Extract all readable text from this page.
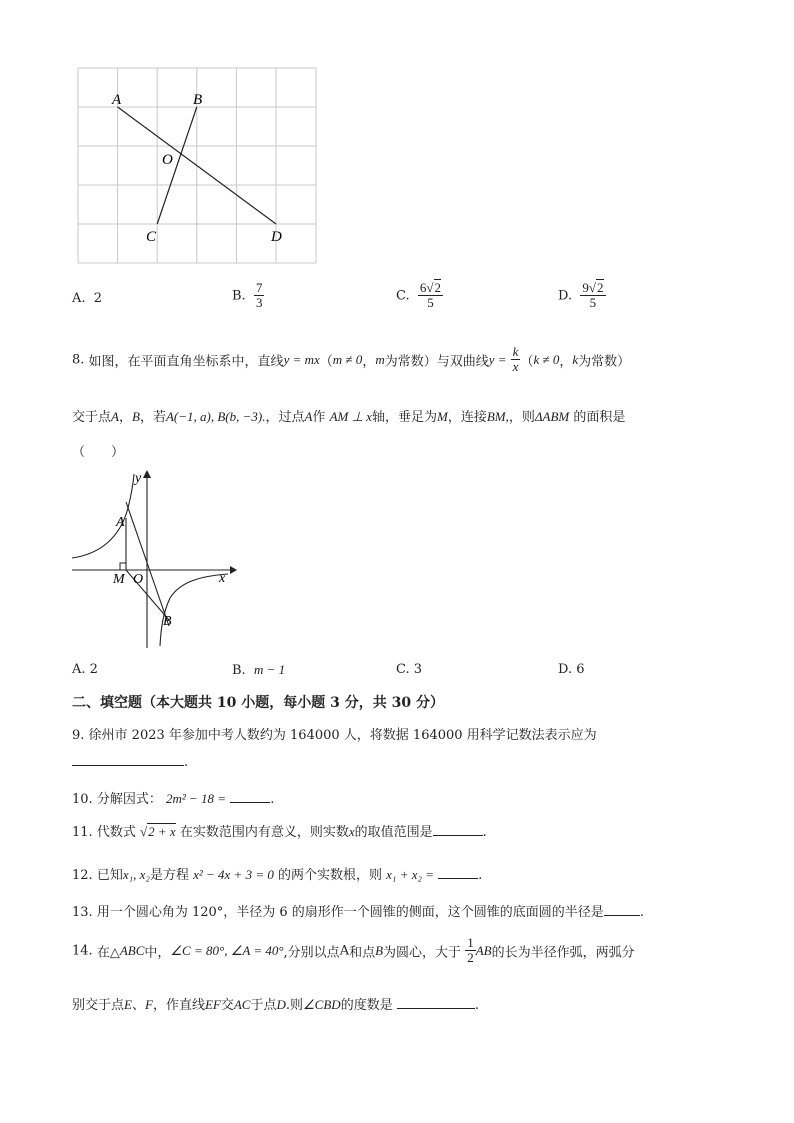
A	B
O
C	D
A. 2	B. $\frac{7}{3}$	C. $\frac{6√2}{5}$	D. $\frac{9√2}{5}$
8. 如图，在平面直角坐标系中，直线y = mx（m ≠ 0，m为常数）与双曲线$y = \frac{k}{x} (k \ne 0$，k为常数）
交于点A，B，若A(−1, a), B(b, −3).，过点A作 AM ⊥ x轴，垂足为M，连接BM,，则ΔABM 的面积是
（　　）
y
x
A
M O
B
A. 2	B. m − 1	C. 3	D. 6
二、填空题（本大题共 10 小题，每小题 3 分，共 30 分）
9. 徐州市 2023 年参加中考人数约为 164000 人，将数据 164000 用科学记数法表示应为
.
10. 分解因式： 2m² − 18 =	.
11. 代数式 √2 + x 在实数范围内有意义，则实数x的取值范围是	.
12. 已知x₁, x₂是方程 x² − 4x + 3 = 0 的两个实数根，则 x₁ + x₂ =	.
13. 用一个圆心角为 120°，半径为 6 的扇形作一个圆锥的侧面，这个圆锥的底面圆的半径是	.
14. 在△ABC中，∠C = 80°, ∠A = 40°,分别以点A和点B为圆心，大于 $\frac{1}{2}$ AB的长为半径作弧，两弧分
别交于点E、F，作直线EF交AC于点D.则∠CBD的度数是	.
